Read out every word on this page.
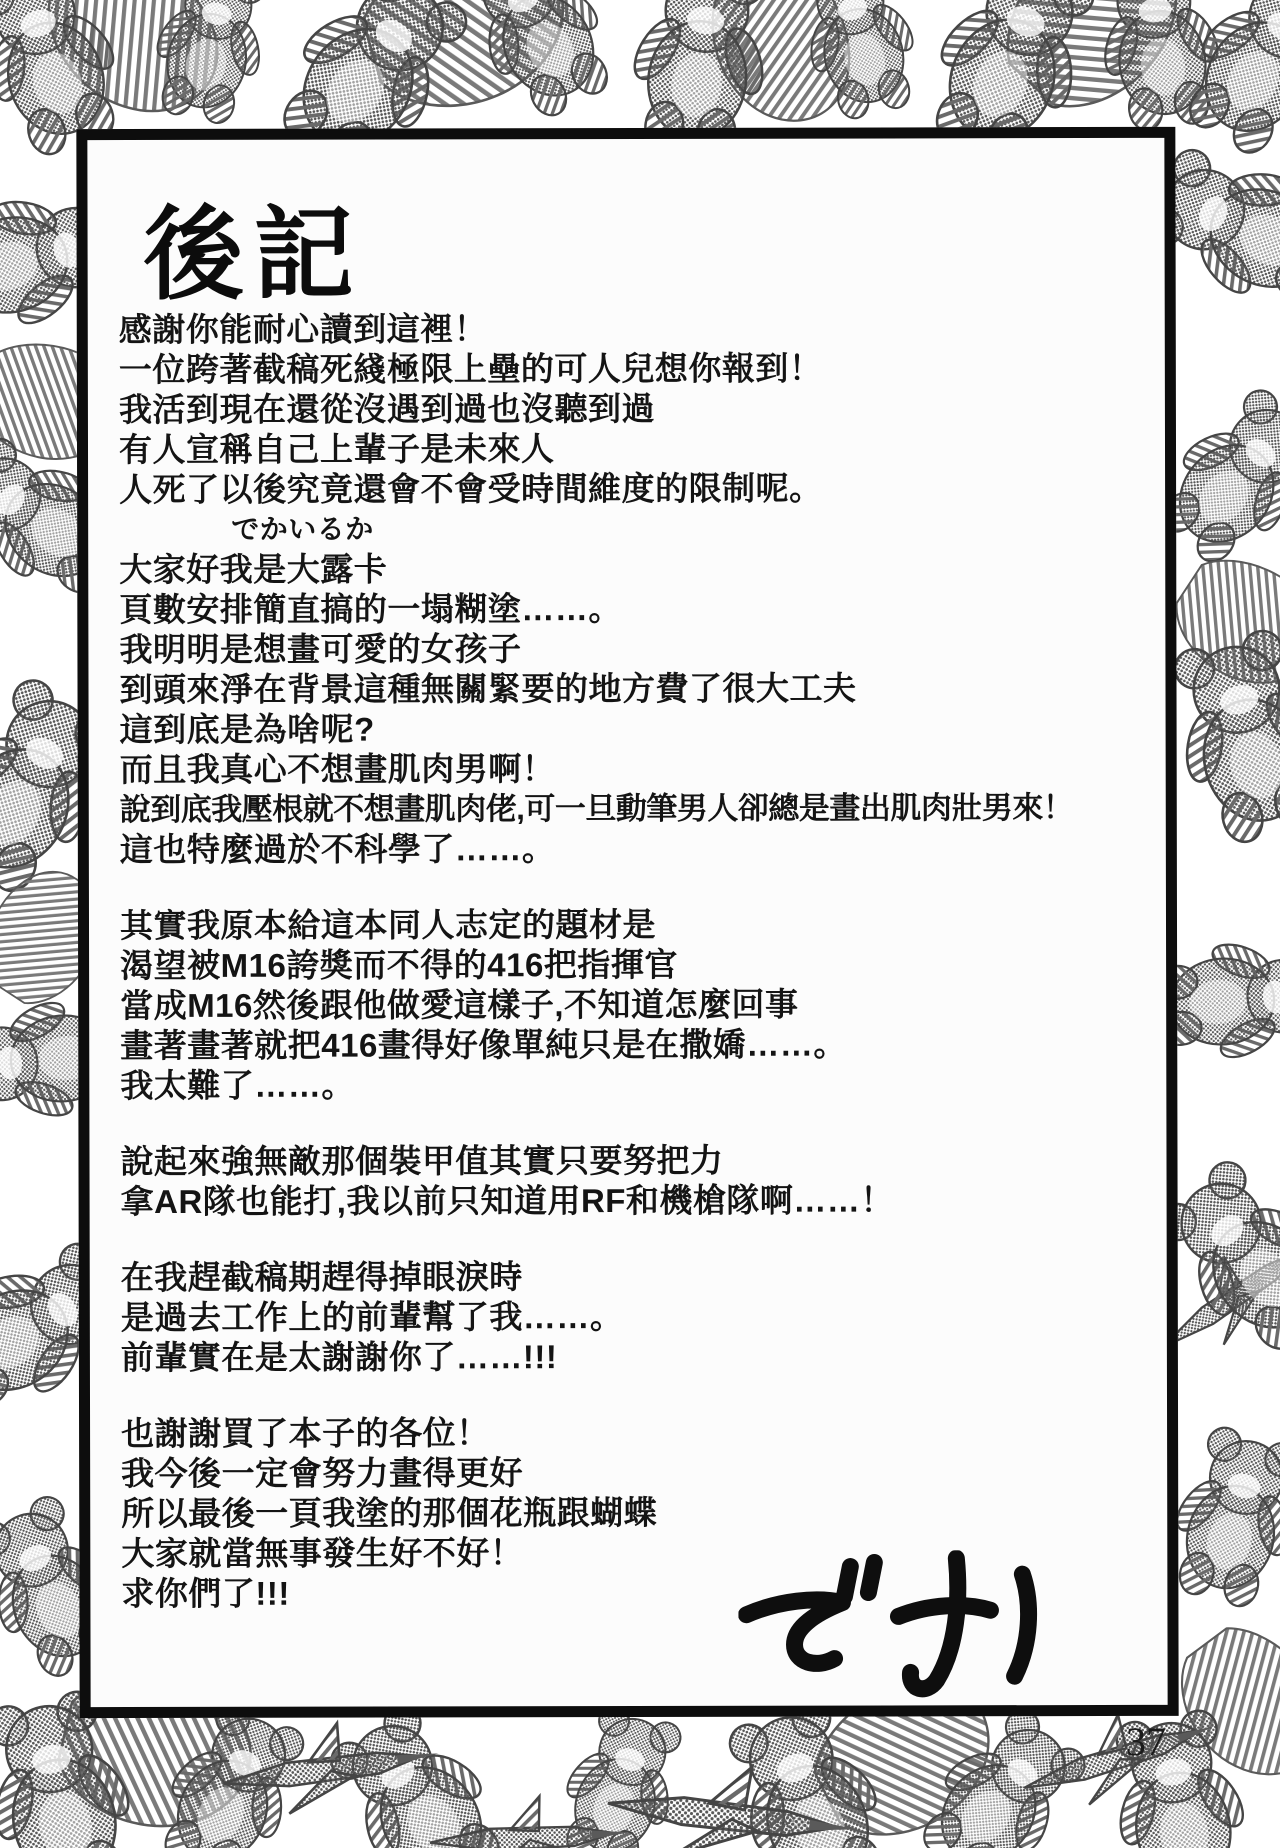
後記

感謝你能耐心讀到這裡！
一位跨著截稿死綫極限上壘的可人兒想你報到！
我活到現在還從沒遇到過也沒聽到過
有人宣稱自己上輩子是未來人
人死了以後究竟還會不會受時間維度的限制呢。
でかいるか
大家好我是大露卡
頁數安排簡直搞的一塌糊塗……。
我明明是想畫可愛的女孩子
到頭來淨在背景這種無關緊要的地方費了很大工夫
這到底是為啥呢?
而且我真心不想畫肌肉男啊！
說到底我壓根就不想畫肌肉佬,可一旦動筆男人卻總是畫出肌肉壯男來！
這也特麼過於不科學了……。

其實我原本給這本同人志定的題材是
渴望被M16誇獎而不得的416把指揮官
當成M16然後跟他做愛這樣子,不知道怎麼回事
畫著畫著就把416畫得好像單純只是在撒嬌……。
我太難了……。

說起來強無敵那個裝甲值其實只要努把力
拿AR隊也能打,我以前只知道用RF和機槍隊啊……！

在我趕截稿期趕得掉眼淚時
是過去工作上的前輩幫了我……。
前輩實在是太謝謝你了……!!!

也謝謝買了本子的各位！
我今後一定會努力畫得更好
所以最後一頁我塗的那個花瓶跟蝴蝶
大家就當無事發生好不好！
求你們了!!!

37
